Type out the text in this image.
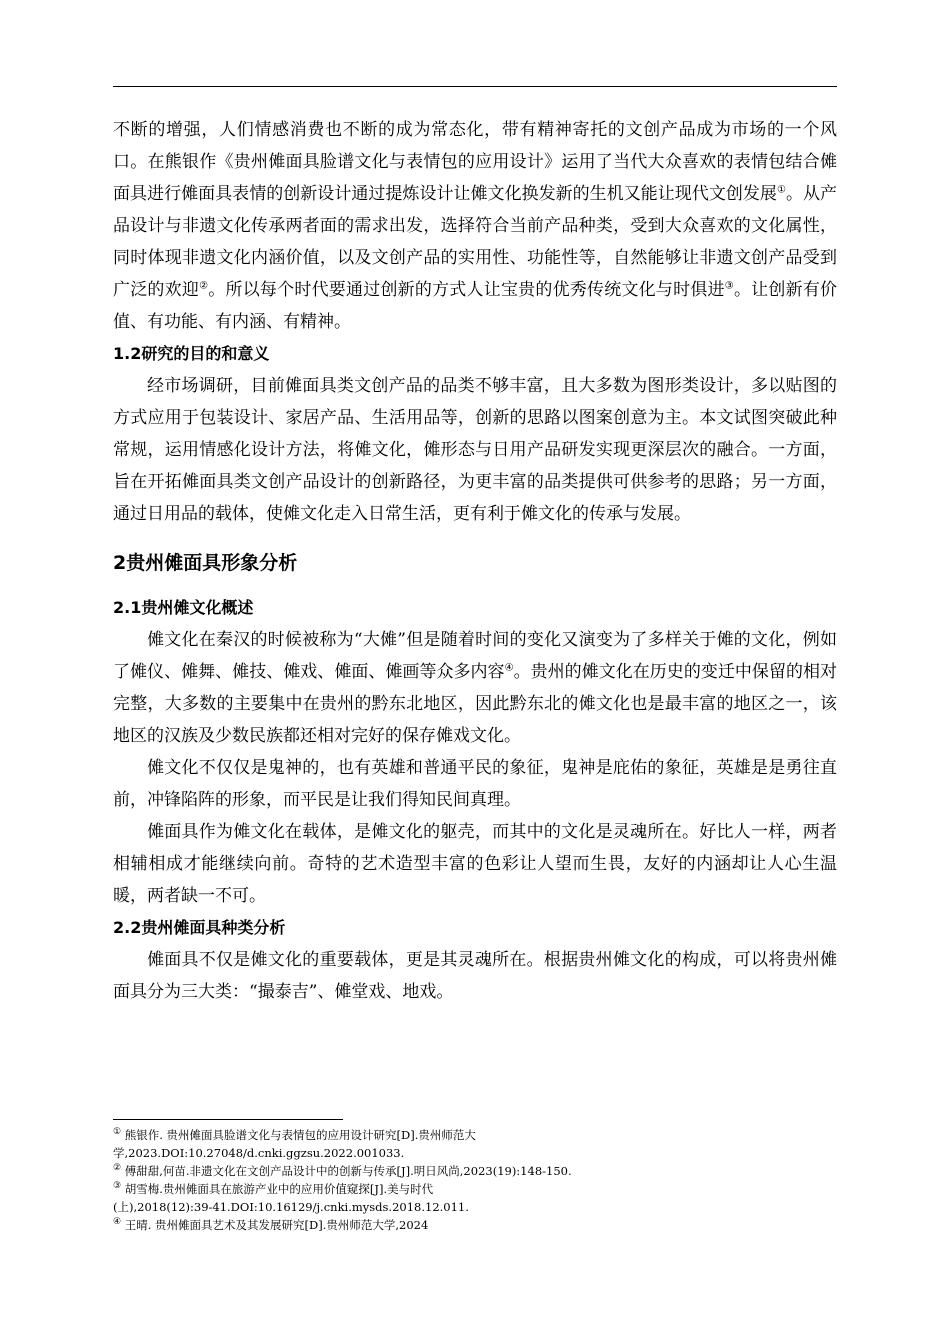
不断的增强，人们情感消费也不断的成为常态化，带有精神寄托的文创产品成为市场的一个风口。在熊银作《贵州傩面具脸谱文化与表情包的应用设计》运用了当代大众喜欢的表情包结合傩面具进行傩面具表情的创新设计通过提炼设计让傩文化换发新的生机又能让现代文创发展①。从产品设计与非遗文化传承两者面的需求出发，选择符合当前产品种类，受到大众喜欢的文化属性，同时体现非遗文化内涵价值，以及文创产品的实用性、功能性等，自然能够让非遗文创产品受到广泛的欢迎②。所以每个时代要通过创新的方式人让宝贵的优秀传统文化与时俱进③。让创新有价值、有功能、有内涵、有精神。

1.2研究的目的和意义

经市场调研，目前傩面具类文创产品的品类不够丰富，且大多数为图形类设计，多以贴图的方式应用于包装设计、家居产品、生活用品等，创新的思路以图案创意为主。本文试图突破此种常规，运用情感化设计方法，将傩文化，傩形态与日用产品研发实现更深层次的融合。一方面，旨在开拓傩面具类文创产品设计的创新路径，为更丰富的品类提供可供参考的思路；另一方面，通过日用品的载体，使傩文化走入日常生活，更有利于傩文化的传承与发展。

2贵州傩面具形象分析

2.1贵州傩文化概述

傩文化在秦汉的时候被称为“大傩”但是随着时间的变化又演变为了多样关于傩的文化，例如了傩仪、傩舞、傩技、傩戏、傩面、傩画等众多内容④。贵州的傩文化在历史的变迁中保留的相对完整，大多数的主要集中在贵州的黔东北地区，因此黔东北的傩文化也是最丰富的地区之一，该地区的汉族及少数民族都还相对完好的保存傩戏文化。

傩文化不仅仅是鬼神的，也有英雄和普通平民的象征，鬼神是庇佑的象征，英雄是是勇往直前，冲锋陷阵的形象，而平民是让我们得知民间真理。

傩面具作为傩文化在载体，是傩文化的躯壳，而其中的文化是灵魂所在。好比人一样，两者相辅相成才能继续向前。奇特的艺术造型丰富的色彩让人望而生畏，友好的内涵却让人心生温暖，两者缺一不可。

2.2贵州傩面具种类分析

傩面具不仅是傩文化的重要载体，更是其灵魂所在。根据贵州傩文化的构成，可以将贵州傩面具分为三大类：“撮泰吉”、傩堂戏、地戏。

① 熊银作. 贵州傩面具脸谱文化与表情包的应用设计研究[D].贵州师范大

学,2023.DOI:10.27048/d.cnki.ggzsu.2022.001033.

② 傅甜甜,何苗.非遗文化在文创产品设计中的创新与传承[J].明日风尚,2023(19):148-150.

③ 胡雪梅.贵州傩面具在旅游产业中的应用价值窥探[J].美与时代

(上),2018(12):39-41.DOI:10.16129/j.cnki.mysds.2018.12.011.

④ 王晴. 贵州傩面具艺术及其发展研究[D].贵州师范大学,2024
